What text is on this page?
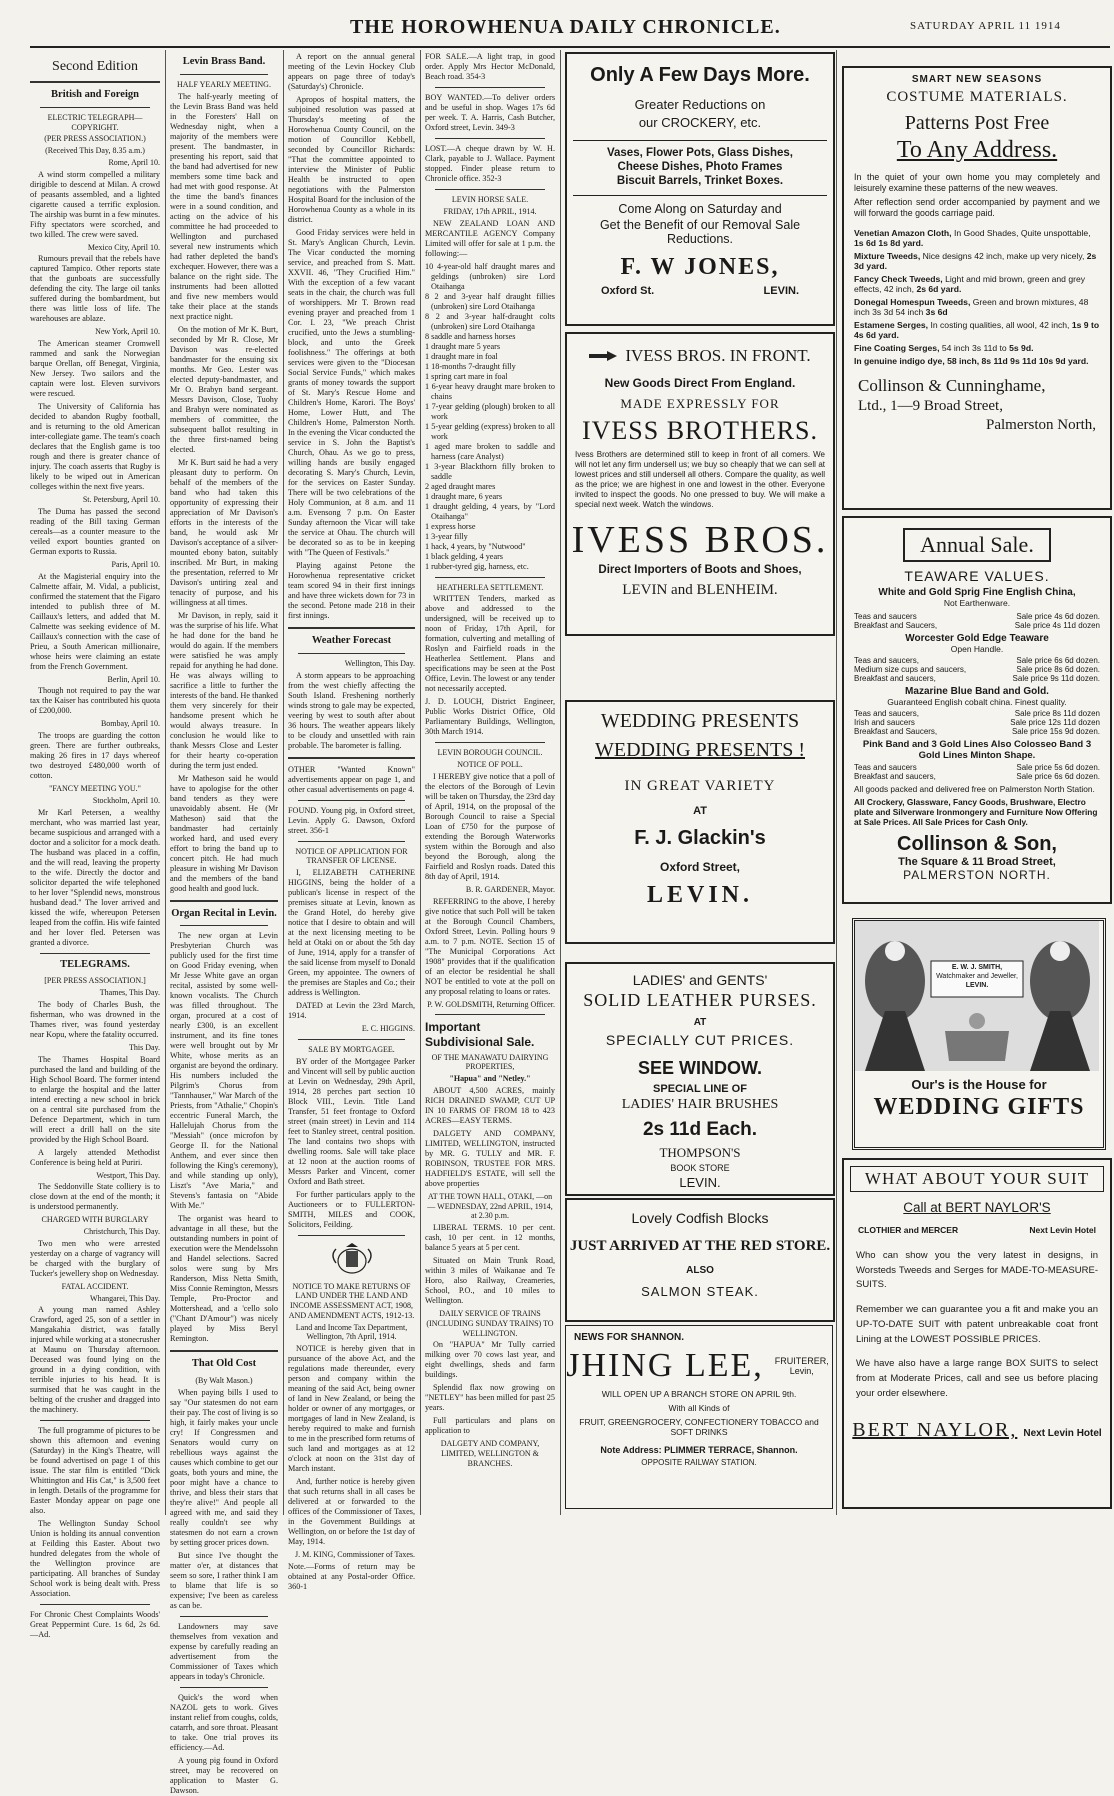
THE HOROWHENUA DAILY CHRONICLE.	SATURDAY APRIL 11 1914
Second Edition
British and Foreign
ELECTRIC TELEGRAPH—COPYRIGHT.
(PER PRESS ASSOCIATION.)
(Received This Day, 8.35 a.m.)
Rome, April 10.

A wind storm compelled a military dirigible to descend at Milan. A crowd of peasants assembled, and a lighted cigarette caused a terrific explosion. The airship was burnt in a few minutes. Fifty spectators were scorched, and two killed. The crew were saved.

Mexico City, April 10.

Rumours prevail that the rebels have captured Tampico. Other reports state that the gunboats are successfully defending the city. The large oil tanks suffered during the bombardment, but there was little loss of life. The warehouses are ablaze.

New York, April 10.

The American steamer Cromwell rammed and sank the Norwegian barque Orellan, off Benegat, Virginia, New Jersey. Two sailors and the captain were lost. Eleven survivors were rescued.

The University of California has decided to abandon Rugby football, and is returning to the old American inter-collegiate game. The team's coach declares that the English game is too rough and there is greater chance of injury. The coach asserts that Rugby is likely to be wiped out in American colleges within the next five years.

St. Petersburg, April 10.

The Duma has passed the second reading of the Bill taxing German cereals—as a counter measure to the veiled export bounties granted on German exports to Russia.

Paris, April 10.

At the Magisterial enquiry into the Calmette affair, M. Vidal, a publicist, confirmed the statement that the Figaro intended to publish three of M. Caillaux's letters, and added that M. Calmette was seeking evidence of M. Caillaux's connection with the case of Prieu, a South American millionaire, whose heirs were claiming an estate from the French Government.

Berlin, April 10.

Though not required to pay the war tax the Kaiser has contributed his quota of £200,000.

Bombay, April 10.

The troops are guarding the cotton green. There are further outbreaks, making 26 fires in 17 days whereof two destroyed £480,000 worth of cotton.

"FANCY MEETING YOU."
Stockholm, April 10.

Mr Karl Petersen, a wealthy merchant, who was married last year, became suspicious and arranged with a doctor and a solicitor for a mock death. The husband was placed in a coffin, and the will read, leaving the property to the wife. Directly the doctor and solicitor departed the wife telephoned to her lover "Splendid news, monstrous husband dead." The lover arrived and kissed the wife, whereupon Petersen leaped from the coffin. His wife fainted and her lover fled. Petersen was granted a divorce.

TELEGRAMS.
[PER PRESS ASSOCIATION.]
Thames, This Day.

The body of Charles Bush, the fisherman, who was drowned in the Thames river, was found yesterday near Kopu, where the fatality occurred.

This Day.

The Thames Hospital Board purchased the land and building of the High School Board. The former intend to enlarge the hospital and the latter intend erecting a new school in brick on a central site purchased from the Defence Department, which in turn will erect a drill hall on the site provided by the High School Board.

A largely attended Methodist Conference is being held at Puriri.

Westport, This Day.

The Seddonville State colliery is to close down at the end of the month; it is understood permanently.

CHARGED WITH BURGLARY
Christchurch, This Day.

Two men who were arrested yesterday on a charge of vagrancy will be charged with the burglary of Tucker's jewellery shop on Wednesday.

FATAL ACCIDENT.
Whangarei, This Day.

A young man named Ashley Crawford, aged 25, son of a settler in Mangakahia district, was fatally injured while working at a stonecrusher at Maunu on Thursday afternoon. Deceased was found lying on the ground in a dying condition, with terrible injuries to his head. It is surmised that he was caught in the belting of the crusher and dragged into the machinery.

The full programme of pictures to be shown this afternoon and evening (Saturday) in the King's Theatre, will be found advertised on page 1 of this issue. The star film is entitled "Dick Whittington and His Cat," is 3,500 feet in length. Details of the programme for Easter Monday appear on page one also.

The Wellington Sunday School Union is holding its annual convention at Feilding this Easter. About two hundred delegates from the whole of the Wellington province are participating. All branches of Sunday School work is being dealt with. Press Association.

For Chronic Chest Complaints Woods' Great Peppermint Cure. 1s 6d, 2s 6d. —Ad.

Levin Brass Band.
HALF YEARLY MEETING.

The half-yearly meeting of the Levin Brass Band was held in the Foresters' Hall on Wednesday night, when a majority of the members were present. The bandmaster, in presenting his report, said that the band had advertised for new members some time back and had met with good response. At the time the band's finances were in a sound condition, and acting on the advice of his committee he had proceeded to Wellington and purchased several new instruments which had rather depleted the band's exchequer. However, there was a balance on the right side. The instruments had been allotted and five new members would take their place at the stands next practice night.

On the motion of Mr K. Burt, seconded by Mr R. Close, Mr Davison was re-elected bandmaster for the ensuing six months. Mr Geo. Lester was elected deputy-bandmaster, and Mr O. Brabyn band sergeant. Messrs Davison, Close, Tuohy and Brabyn were nominated as members of committee, the subsequent ballot resulting in the three first-named being elected.

Mr K. Burt said he had a very pleasant duty to perform. On behalf of the members of the band who had taken this opportunity of expressing their appreciation of Mr Davison's efforts in the interests of the band, he would ask Mr Davison's acceptance of a silver-mounted ebony baton, suitably inscribed. Mr Burt, in making the presentation, referred to Mr Davison's untiring zeal and tenacity of purpose, and his willingness at all times.

Mr Davison, in reply, said it was the surprise of his life. What he had done for the band he would do again. If the members were satisfied he was amply repaid for anything he had done. He was always willing to sacrifice a little to further the interests of the band. He thanked them very sincerely for their handsome present which he would always treasure. In conclusion he would like to thank Messrs Close and Lester for their hearty co-operation during the term just ended.

Mr Matheson said he would have to apologise for the other band tenders as they were unavoidably absent. He (Mr Matheson) said that the bandmaster had certainly worked hard, and used every effort to bring the band up to concert pitch. He had much pleasure in wishing Mr Davison and the members of the band good health and good luck.

Organ Recital in Levin.

The new organ at Levin Presbyterian Church was publicly used for the first time on Good Friday evening, when Mr Jesse White gave an organ recital, assisted by some well-known vocalists. The Church was filled throughout. The organ, procured at a cost of nearly £300, is an excellent instrument, and its fine tones were well brought out by Mr White, whose merits as an organist are beyond the ordinary. His numbers included the Pilgrim's Chorus from "Tannhauser," War March of the Priests, from "Athalie," Chopin's eccentric Funeral March, the Hallelujah Chorus from the "Messiah" (once microfon by George II. for the National Anthem, and ever since then following the King's ceremony), and while standing up only), Liszt's "Ave Maria," and Stevens's fantasia on "Abide With Me."

The organist was heard to advantage in all these, but the outstanding numbers in point of execution were the Mendelssohn and Handel selections. Sacred solos were sung by Mrs Randerson, Miss Netta Smith, Miss Connie Remington, Messrs Temple, Pro-Proctor and Mottershead, and a 'cello solo ("Chant D'Amour") was nicely played by Miss Beryl Remington.

That Old Cost
(By Walt Mason.)

When paying bills I used to say "Our statesmen do not earn their pay. The cost of living is so high, it fairly makes your uncle cry! If Congressmen and Senators would curry on rebellious ways against the causes which combine to get our goats, both yours and mine, the poor might have a chance to thrive, and bless their stars that they're alive!" And people all agreed with me, and said they really couldn't see why statesmen do not earn a crown by setting grocer prices down.

But since I've thought the matter o'er, at distances that seem so sore, I rather think I am to blame that life is so expensive; I've been as careless as can be.

Landowners may save themselves from vexation and expense by carefully reading an advertisement from the Commissioner of Taxes which appears in today's Chronicle.

Quick's the word when NAZOL gets to work. Gives instant relief from coughs, colds, catarrh, and sore throat. Pleasant to take. One trial proves its efficiency.—Ad.

A young pig found in Oxford street, may be recovered on application to Master G. Dawson.

A report on the annual general meeting of the Levin Hockey Club appears on page three of today's (Saturday's) Chronicle.

Apropos of hospital matters, the subjoined resolution was passed at Thursday's meeting of the Horowhenua County Council, on the motion of Councillor Kebbell, seconded by Councillor Richards: "That the committee appointed to interview the Minister of Public Health be instructed to open negotiations with the Palmerston Hospital Board for the inclusion of the Horowhenua County as a whole in its district.

Good Friday services were held in St. Mary's Anglican Church, Levin. The Vicar conducted the morning service, and preached from S. Matt. XXVII. 46, "They Crucified Him." With the exception of a few vacant seats in the chair, the church was full of worshippers. Mr T. Brown read evening prayer and preached from 1 Cor. I. 23, "We preach Christ crucified, unto the Jews a stumbling-block, and unto the Greek foolishness." The offerings at both services were given to the "Diocesan Social Service Funds," which makes grants of money towards the support of St. Mary's Rescue Home and Children's Home, Karori. The Boys' Home, Lower Hutt, and The Children's Home, Palmerston North. In the evening the Vicar conducted the service in S. John the Baptist's Church, Ohau. As we go to press, willing hands are busily engaged decorating S. Mary's Church, Levin, for the services on Easter Sunday. There will be two celebrations of the Holy Communion, at 8 a.m. and 11 a.m. Evensong 7 p.m. On Easter Sunday afternoon the Vicar will take the service at Ohau. The church will be decorated so as to be in keeping with "The Queen of Festivals."

Playing against Petone the Horowhenua representative cricket team scored 94 in their first innings and have three wickets down for 73 in the second. Petone made 218 in their first innings.

Weather Forecast
Wellington, This Day.

A storm appears to be approaching from the west chiefly affecting the South Island. Freshening northerly winds strong to gale may be expected, veering by west to south after about 36 hours. The weather appears likely to be cloudy and unsettled with rain probable. The barometer is falling.

OTHER "Wanted Known" advertisements appear on page 1, and other casual advertisements on page 4.

FOUND. Young pig, in Oxford street, Levin. Apply G. Dawson, Oxford street. 356-1

NOTICE OF APPLICATION FOR TRANSFER OF LICENSE.

I, ELIZABETH CATHERINE HIGGINS, being the holder of a publican's license in respect of the premises situate at Levin, known as the Grand Hotel, do hereby give notice that I desire to obtain and will at the next licensing meeting to be held at Otaki on or about the 5th day of June, 1914, apply for a transfer of the said license from myself to Donald Green, my appointee. The owners of the premises are Staples and Co.; their address is Wellington.

DATED at Levin the 23rd March, 1914.

E. C. HIGGINS.
SALE BY MORTGAGEE.

BY order of the Mortgagee Parker and Vincent will sell by public auction at Levin on Wednesday, 29th April, 1914, 28 perches part section 10 Block VIII., Levin. Title Land Transfer, 51 feet frontage to Oxford street (main street) in Levin and 114 feet to Stanley street, central position. The land contains two shops with dwelling rooms. Sale will take place at 12 noon at the auction rooms of Messrs Parker and Vincent, corner Oxford and Bath street.

For further particulars apply to the Auctioneers or to FULLERTON-SMITH, MILES and COOK, Solicitors, Feilding.

NOTICE TO MAKE RETURNS OF LAND UNDER THE LAND AND INCOME ASSESSMENT ACT, 1908, AND AMENDMENT ACTS, 1912-13.
Land and Income Tax Department, Wellington, 7th April, 1914.

NOTICE is hereby given that in pursuance of the above Act, and the regulations made thereunder, every person and company within the meaning of the said Act, being owner of land in New Zealand, or being the holder or owner of any mortgages, or mortgages of land in New Zealand, is hereby required to make and furnish to me in the prescribed form returns of such land and mortgages as at 12 o'clock at noon on the 31st day of March instant.

And, further notice is hereby given that such returns shall in all cases be delivered at or forwarded to the offices of the Commissioner of Taxes, in the Government Buildings at Wellington, on or before the 1st day of May, 1914.

J. M. KING, Commissioner of Taxes.

Note.—Forms of return may be obtained at any Postal-order Office. 360-1

FOR SALE.—A light trap, in good order. Apply Mrs Hector McDonald, Beach road. 354-3

BOY WANTED.—To deliver orders and be useful in shop. Wages 17s 6d per week. T. A. Harris, Cash Butcher, Oxford street, Levin. 349-3

LOST.—A cheque drawn by W. H. Clark, payable to J. Wallace. Payment stopped. Finder please return to Chronicle office. 352-3

LEVIN HORSE SALE.
FRIDAY, 17th APRIL, 1914.

NEW ZEALAND LOAN AND MERCANTILE AGENCY Company Limited will offer for sale at 1 p.m. the following:—

10 4-year-old half draught mares and geldings (unbroken) sire Lord Otaihanga
8 2 and 3-year half draught fillies (unbroken) sire Lord Otaihanga
8 2 and 3-year half-draught colts (unbroken) sire Lord Otaihanga
8 saddle and harness horses
1 draught mare 5 years
1 draught mare in foal
1 18-months 7-draught filly
1 spring cart mare in foal
1 6-year heavy draught mare broken to chains
1 7-year gelding (plough) broken to all work
1 5-year gelding (express) broken to all work
1 aged mare broken to saddle and harness (care Analyst)
1 3-year Blackthorn filly broken to saddle
2 aged draught mares
1 draught mare, 6 years
1 draught gelding, 4 years, by "Lord Otaihanga"
1 express horse
1 3-year filly
1 hack, 4 years, by "Nutwood"
1 black gelding, 4 years
1 rubber-tyred gig, harness, etc.
HEATHERLEA SETTLEMENT.

WRITTEN Tenders, marked as above and addressed to the undersigned, will be received up to noon of Friday, 17th April, for formation, culverting and metalling of Roslyn and Fairfield roads in the Heatherlea Settlement. Plans and specifications may be seen at the Post Office, Levin. The lowest or any tender not necessarily accepted.

J. D. LOUCH, District Engineer, Public Works District Office, Old Parliamentary Buildings, Wellington, 30th March 1914.

LEVIN BOROUGH COUNCIL.
NOTICE OF POLL.

I HEREBY give notice that a poll of the electors of the Borough of Levin will be taken on Thursday, the 23rd day of April, 1914, on the proposal of the Borough Council to raise a Special Loan of £750 for the purpose of extending the Borough Waterworks system within the Borough and also beyond the Borough, along the Fairfield and Roslyn roads. Dated this 8th day of April, 1914.

B. R. GARDENER, Mayor.

REFERRING to the above, I hereby give notice that such Poll will be taken at the Borough Council Chambers, Oxford Street, Levin. Polling hours 9 a.m. to 7 p.m. NOTE. Section 15 of "The Municipal Corporations Act 1908" provides that if the qualification of an elector be residential he shall NOT be entitled to vote at the poll on any proposal relating to loans or rates.

P. W. GOLDSMITH, Returning Officer.
Important Subdivisional Sale.
OF THE MANAWATU DAIRYING PROPERTIES,
"Hapua" and "Netley."

ABOUT 4,500 ACRES, mainly RICH DRAINED SWAMP, CUT UP IN 10 FARMS OF FROM 18 to 423 ACRES—EASY TERMS.

DALGETY AND COMPANY, LIMITED, WELLINGTON, instructed by MR. G. TULLY and MR. F. ROBINSON, TRUSTEE FOR MRS. HADFIELD'S ESTATE, will sell the above properties

AT THE TOWN HALL, OTAKI, —on— WEDNESDAY, 22nd APRIL, 1914, at 2.30 p.m.

LIBERAL TERMS. 10 per cent. cash, 10 per cent. in 12 months, balance 5 years at 5 per cent.

Situated on Main Trunk Road, within 3 miles of Waikanae and Te Horo, also Railway, Creameries, School, P.O., and 10 miles to Wellington.

DAILY SERVICE OF TRAINS (INCLUDING SUNDAY TRAINS) TO WELLINGTON.

On "HAPUA" Mr Tully carried milking over 70 cows last year, and eight dwellings, sheds and farm buildings.

Splendid flax now growing on "NETLEY" has been milled for past 25 years.

Full particulars and plans on application to

DALGETY AND COMPANY, LIMITED, WELLINGTON & BRANCHES.
Only A Few Days More.
Greater Reductions on
our CROCKERY, etc.
Vases, Flower Pots, Glass Dishes,
Cheese Dishes, Photo Frames
Biscuit Barrels, Trinket Boxes.
Come Along on Saturday and
Get the Benefit of our Removal Sale Reductions.
F. W JONES,
Oxford St.	LEVIN.
IVESS BROS. IN FRONT.
New Goods Direct From England.
MADE EXPRESSLY FOR
IVESS BROTHERS.
Ivess Brothers are determined still to keep in front of all comers. We will not let any firm undersell us; we buy so cheaply that we can sell at lowest prices and still undersell all others. Compare the quality, as well as the price; we are highest in one and lowest in the other. Everyone invited to inspect the goods. No one pressed to buy. We will make a special next week. Watch the windows.
IVESS BROS.
Direct Importers of Boots and Shoes,
LEVIN and BLENHEIM.
WEDDING PRESENTS
WEDDING PRESENTS !
IN GREAT VARIETY
AT
F. J. Glackin's
Oxford Street,
LEVIN.
LADIES' and GENTS'
SOLID LEATHER PURSES.
AT
SPECIALLY CUT PRICES.
SEE WINDOW.
SPECIAL LINE OF
LADIES' HAIR BRUSHES
2s 11d Each.
THOMPSON'S
BOOK STORE
LEVIN.
Lovely Codfish Blocks
JUST ARRIVED AT THE RED STORE.
ALSO
SALMON STEAK.
NEWS FOR SHANNON.
JHING LEE,	FRUITERER, Levin,
WILL OPEN UP A BRANCH STORE ON APRIL 9th.
With all Kinds of
FRUIT, GREENGROCERY, CONFECTIONERY TOBACCO and SOFT DRINKS
Note Address: PLIMMER TERRACE, Shannon.
OPPOSITE RAILWAY STATION.
SMART NEW SEASONS
COSTUME MATERIALS.
Patterns Post Free
To Any Address.
In the quiet of your own home you may completely and leisurely examine these patterns of the new weaves.
After reflection send order accompanied by payment and we will forward the goods carriage paid.
Venetian Amazon Cloth, In Good Shades, Quite unspottable, 1s 6d 1s 8d yard.
Mixture Tweeds, Nice designs 42 inch, make up very nicely, 2s 3d yard.
Fancy Check Tweeds, Light and mid brown, green and grey effects, 42 inch, 2s 6d yard.
Donegal Homespun Tweeds, Green and brown mixtures, 48 inch 3s 3d 54 inch 3s 6d
Estamene Serges, In costing qualities, all wool, 42 inch, 1s 9 to 4s 6d yard.
Fine Coating Serges, 54 inch 3s 11d to 5s 9d.
In genuine indigo dye, 58 inch, 8s 11d 9s 11d 10s 9d yard.
Collinson & Cunninghame,
Ltd., 1—9 Broad Street,
Palmerston North,
Annual Sale.
TEAWARE VALUES.
White and Gold Sprig Fine English China,
Not Earthenware.
Teas and saucers	Sale price 4s 6d dozen.
Breakfast and Saucers,	Sale price 4s 11d dozen
Worcester Gold Edge Teaware
Open Handle.
Teas and saucers,	Sale price 6s 6d dozen.
Medium size cups and saucers,	Sale price 8s 6d dozen.
Breakfast and saucers,	Sale price 9s 11d dozen.
Mazarine Blue Band and Gold.
Guaranteed English cobalt china. Finest quality.
Teas and saucers,	Sale price 8s 11d dozen
Irish and saucers	Sale price 12s 11d dozen
Breakfast and Saucers,	Sale price 15s 9d dozen.
Pink Band and 3 Gold Lines Also Colosseo Band 3 Gold Lines Minton Shape.
Teas and saucers	Sale price 5s 6d dozen.
Breakfast and saucers,	Sale price 6s 6d dozen.
All goods packed and delivered free on Palmerston North Station.
All Crockery, Glassware, Fancy Goods, Brushware, Electro plate and Silverware Ironmongery and Furniture Now Offering at Sale Prices. All Sale Prices for Cash Only.
Collinson & Son,
The Square & 11 Broad Street,
PALMERSTON NORTH.
E. W. J. SMITH,
Watchmaker and Jeweller,
LEVIN.
Our's is the House for
WEDDING GIFTS
WHAT ABOUT YOUR SUIT
Call at BERT NAYLOR'S
CLOTHIER and MERCER	Next Levin Hotel
Who can show you the very latest in designs, in Worsteds Tweeds and Serges for MADE-TO-MEASURE-SUITS.
Remember we can guarantee you a fit and make you an UP-TO-DATE SUIT with patent unbreakable coat front Lining at the LOWEST POSSIBLE PRICES.
We have also have a large range BOX SUITS to select from at Moderate Prices, call and see us before placing your order elsewhere.
BERT NAYLOR, Next Levin Hotel
